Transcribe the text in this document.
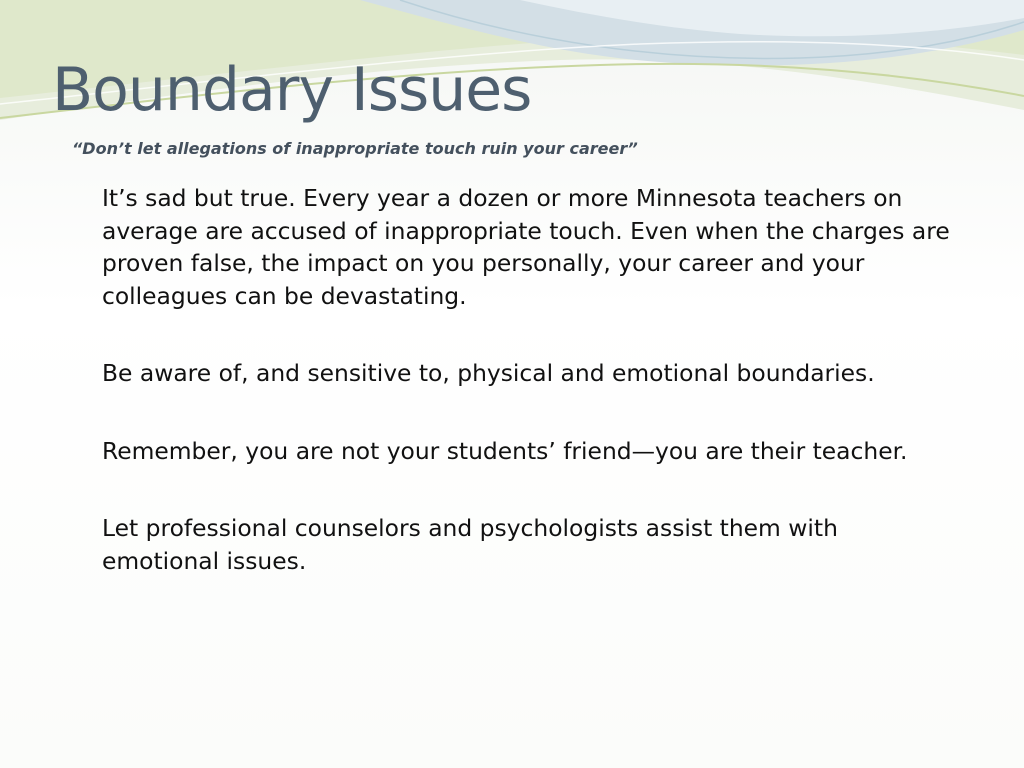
Boundary Issues
“Don’t let allegations of inappropriate touch ruin your career”
It’s sad but true. Every year a dozen or more Minnesota teachers on average are accused of inappropriate touch. Even when the charges are proven false, the impact on you personally, your career and your colleagues can be devastating.
Be aware of, and sensitive to, physical and emotional boundaries.
Remember, you are not your students’ friend—you are their teacher.
Let professional counselors and psychologists assist them with emotional issues.
